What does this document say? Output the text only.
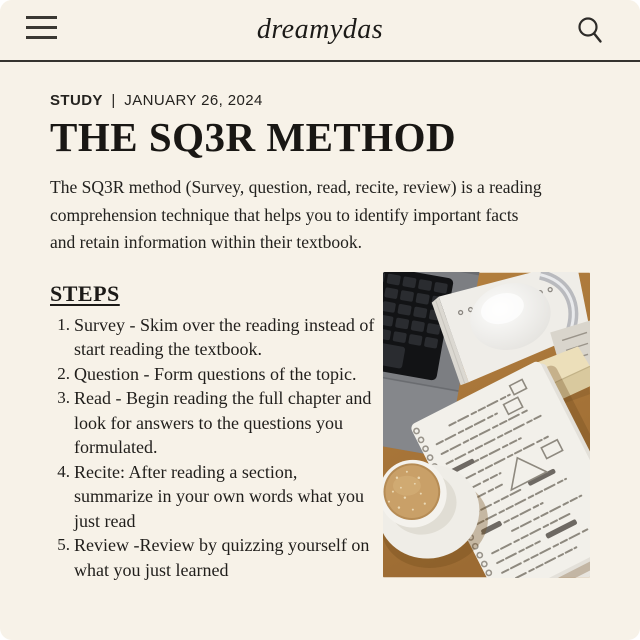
dreamydas
STUDY | JANUARY 26, 2024
THE SQ3R METHOD

The SQ3R method (Survey, question, read, recite, review) is a reading comprehension technique that helps you to identify important facts and retain information within their textbook.

STEPS
1. Survey - Skim over the reading instead of start reading the textbook.
2. Question - Form questions of the topic.
3. Read - Begin reading the full chapter and look for answers to the questions you formulated.
4. Recite: After reading a section, summarize in your own words what you just read
5. Review -Review by quizzing yourself on what you just learned
